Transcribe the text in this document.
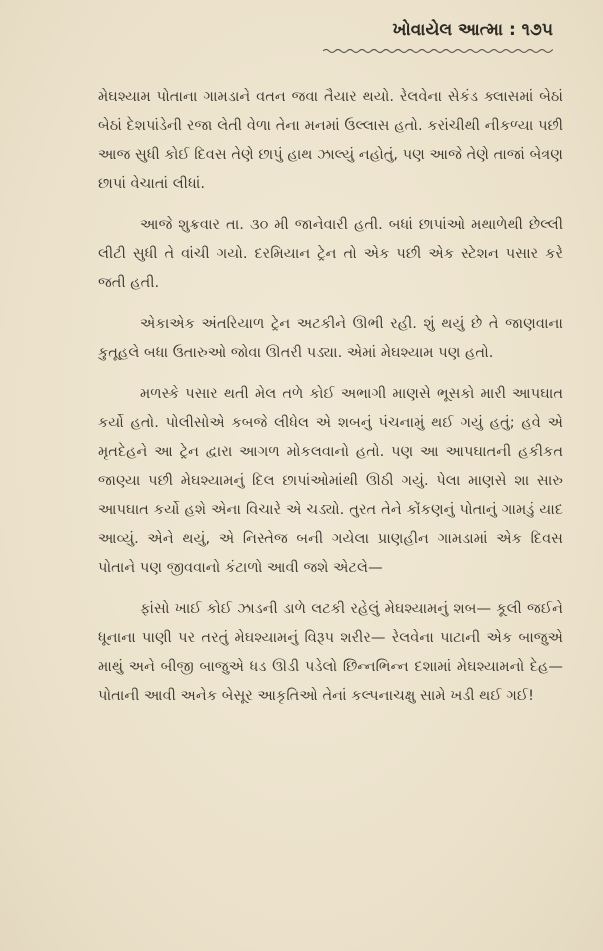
ખોવાયેલ આત્મા : ૧૭૫

મેઘશ્યામ પોતાના ગામડાને વતન જવા તૈયાર થયો. રેલવેના સેકંડ ક્લાસમાં બેઠાં બેઠાં દેશપાંડેની રજા લેતી વેળા તેના મનમાં ઉલ્લાસ હતો. કરાંચીથી નીકળ્યા પછી આજ સુધી કોઈ દિવસ તેણે છાપું હાથ ઝાલ્યું નહોતું, પણ આજે તેણે તાજાં બેત્રણ છાપાં વેચાતાં લીધાં.

આજે શુક્રવાર તા. ૩૦ મી જાનેવારી હતી. બધાં છાપાંઓ મથાળેથી છેલ્લી લીટી સુધી તે વાંચી ગયો. દરમિયાન ટ્રેન તો એક પછી એક સ્ટેશન પસાર કરે જતી હતી.

એકાએક અંતરિયાળ ટ્રેન અટકીને ઊભી રહી. શું થયું છે તે જાણવાના કુતૂહલે બધા ઉતારુઓ જોવા ઊતરી પડ્યા. એમાં મેઘશ્યામ પણ હતો.

મળસ્કે પસાર થતી મેલ તળે કોઈ અભાગી માણસે ભૂસકો મારી આપઘાત કર્યો હતો. પોલીસોએ કબજે લીધેલ એ શબનું પંચનામું થઈ ગયું હતું; હવે એ મૃતદેહને આ ટ્રેન દ્વારા આગળ મોકલવાનો હતો. પણ આ આપઘાતની હકીકત જાણ્યા પછી મેઘશ્યામનું દિલ છાપાંઓમાંથી ઊઠી ગયું. પેલા માણસે શા સારુ આપઘાત કર્યો હશે એના વિચારે એ ચડ્યો. તુરત તેને કોંકણનું પોતાનું ગામડું યાદ આવ્યું. એને થયું, એ નિસ્તેજ બની ગયેલા પ્રાણહીન ગામડામાં એક દિવસ પોતાને પણ જીવવાનો કંટાળો આવી જશે એટલે—

ફાંસો ખાઈ કોઈ ઝાડની ડાળે લટકી રહેલું મેઘશ્યામનું શબ— કૂલી જઈને ધૂનાના પાણી પર તરતું મેઘશ્યામનું વિરૂપ શરીર— રેલવેના પાટાની એક બાજુએ માથું અને બીજી બાજુએ ધડ ઊડી પડેલો છિન્નભિન્ન દશામાં મેઘશ્યામનો દેહ—પોતાની આવી અનેક બેસૂર આકૃતિઓ તેનાં કલ્પનાચક્ષુ સામે ખડી થઈ ગઈ!
